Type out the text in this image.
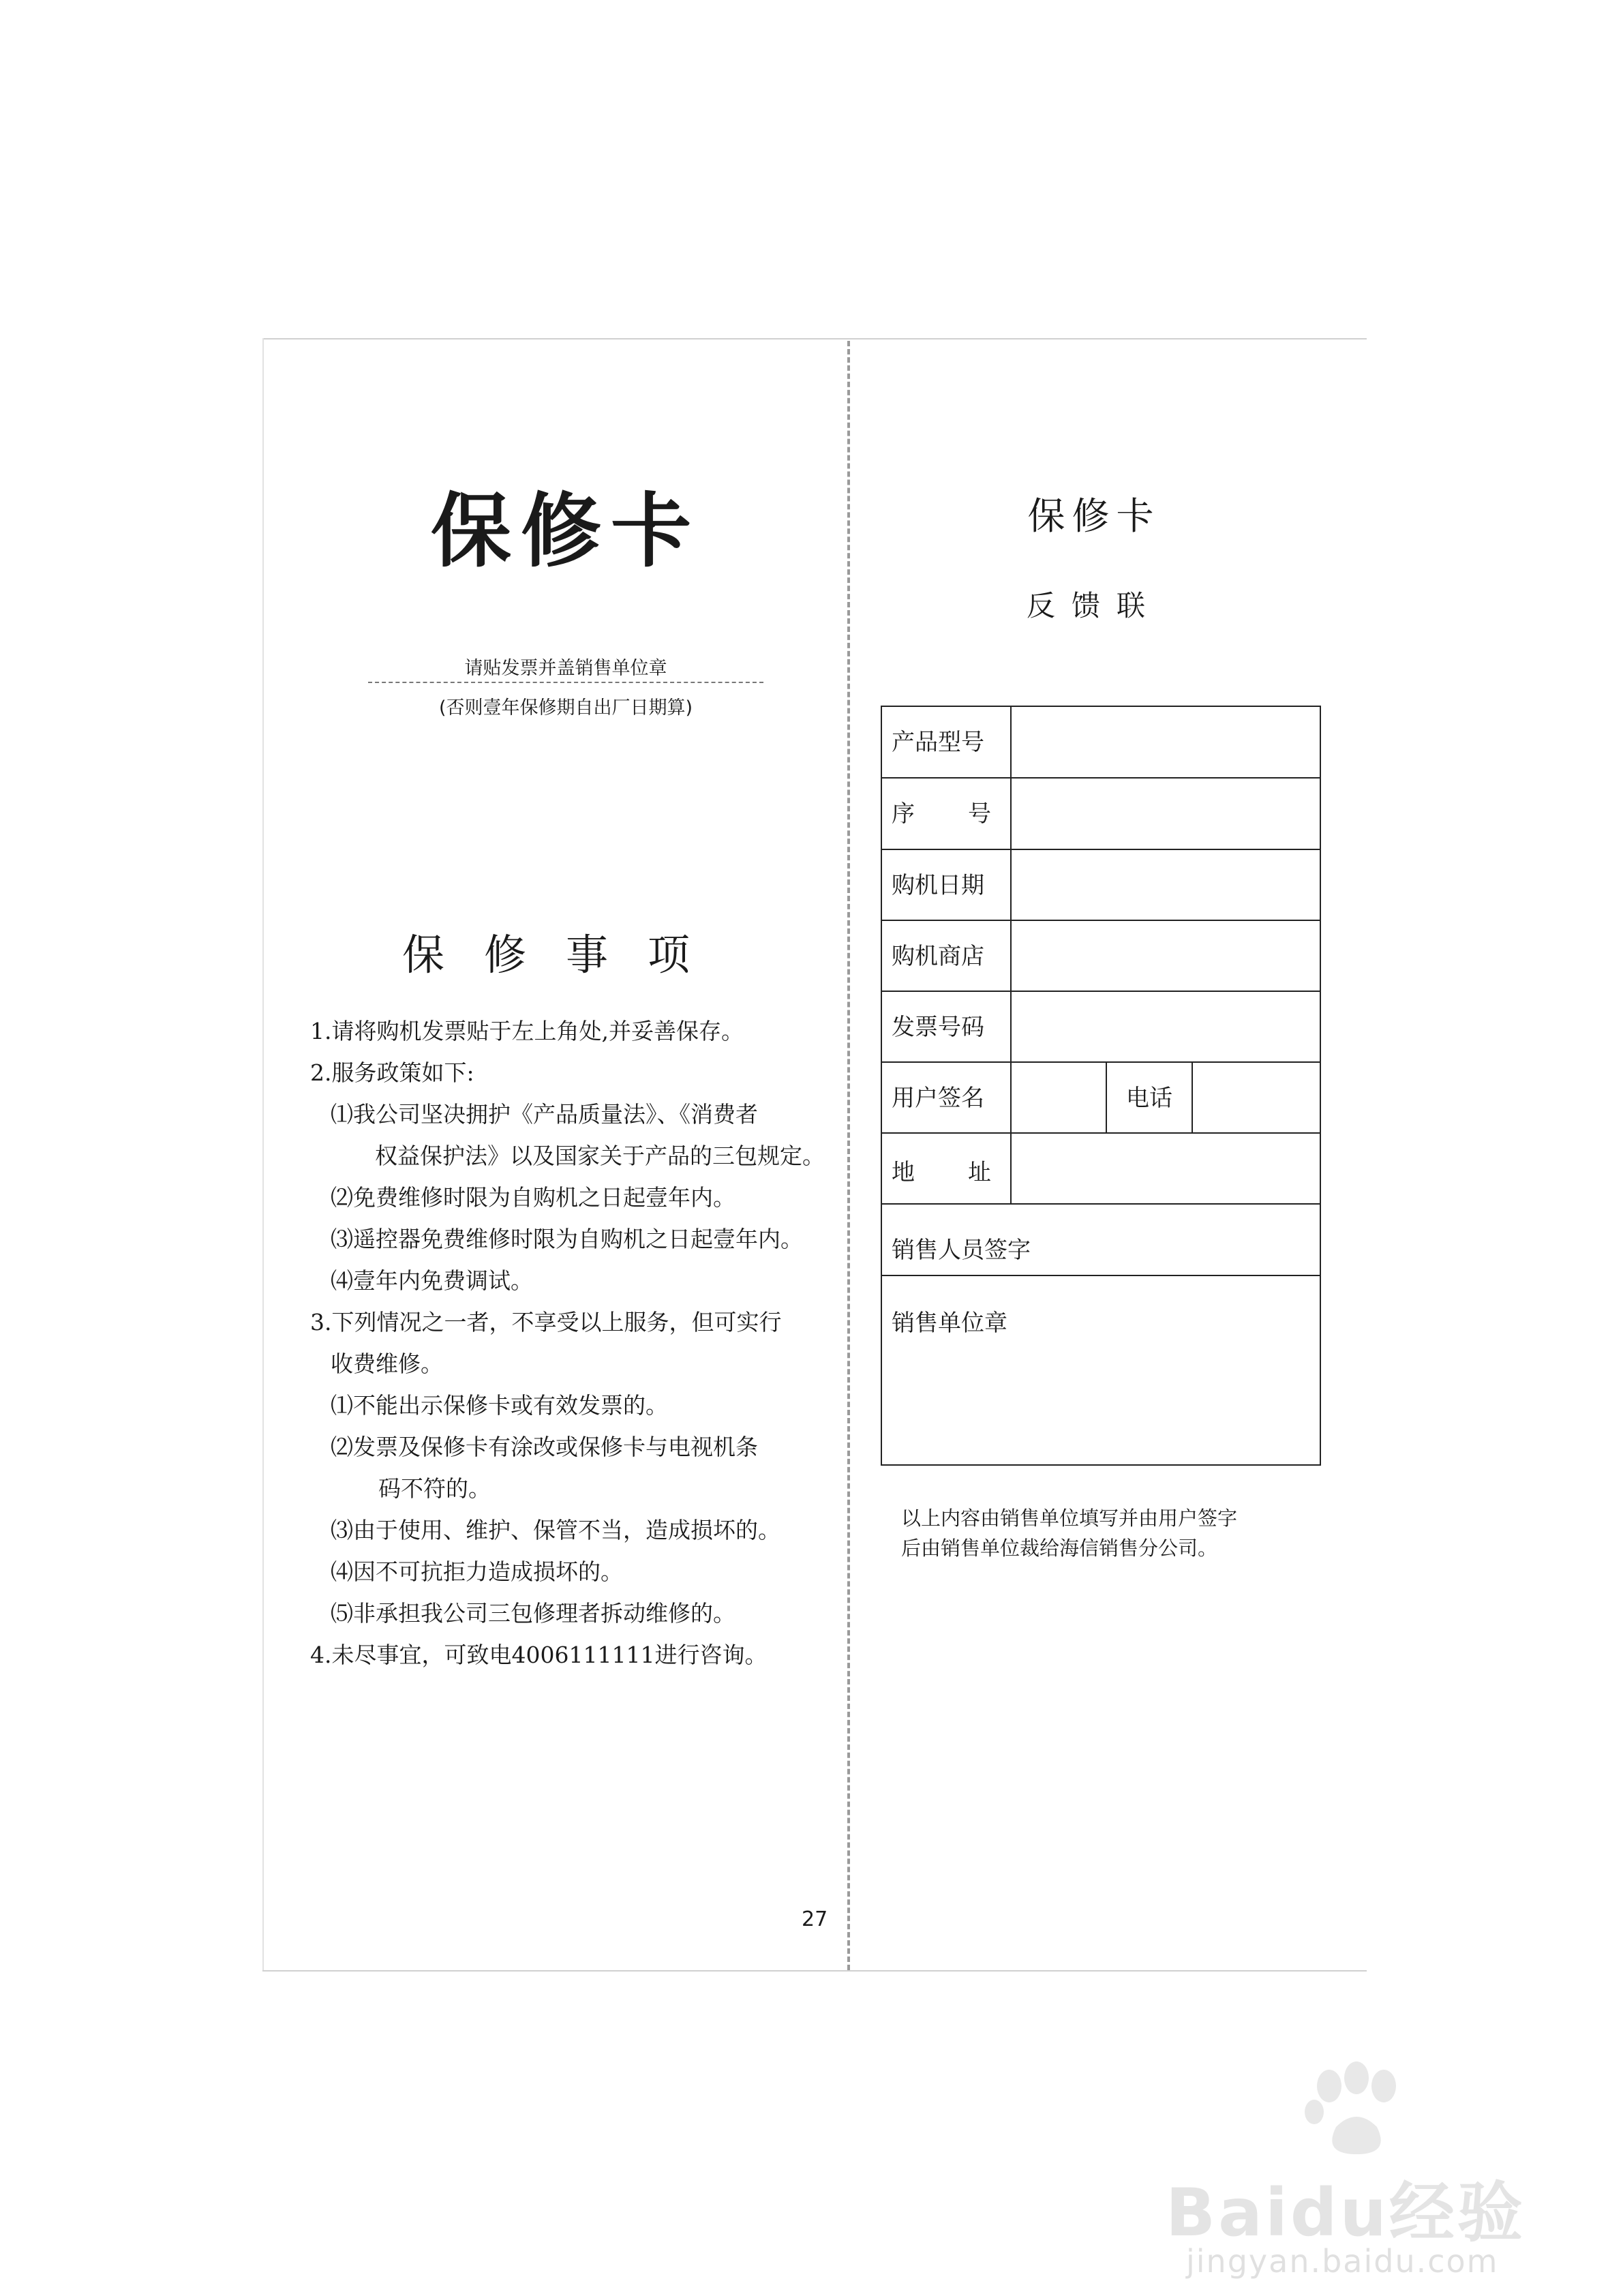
保修卡
请贴发票并盖销售单位章
(否则壹年保修期自出厂日期算)
保修事项
1.请将购机发票贴于左上角处,并妥善保存。
2.服务政策如下:
⑴我公司坚决拥护《产品质量法》、《消费者
权益保护法》以及国家关于产品的三包规定。
⑵免费维修时限为自购机之日起壹年内。
⑶遥控器免费维修时限为自购机之日起壹年内。
⑷壹年内免费调试。
3.下列情况之一者，不享受以上服务，但可实行
收费维修。
⑴不能出示保修卡或有效发票的。
⑵发票及保修卡有涂改或保修卡与电视机条
码不符的。
⑶由于使用、维护、保管不当，造成损坏的。
⑷因不可抗拒力造成损坏的。
⑸非承担我公司三包修理者拆动维修的。
4.未尽事宜，可致电4006111111进行咨询。
27
保修卡
反馈联
产品型号
序　号
购机日期
购机商店
发票号码
用户签名	电话
地　址
销售人员签字
销售单位章
以上内容由销售单位填写并由用户签字
后由销售单位裁给海信销售分公司。
Baidu经验
jingyan.baidu.com
